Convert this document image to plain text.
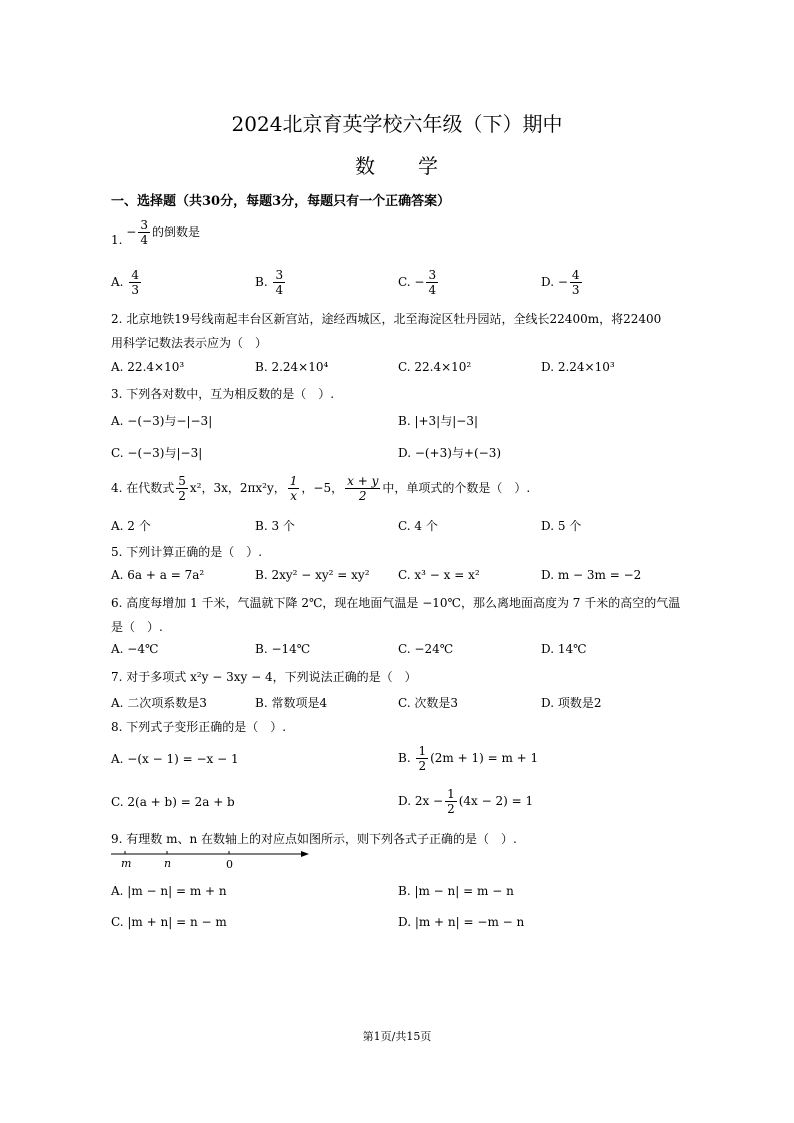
2024北京育英学校六年级（下）期中
数　　学
一、选择题（共30分，每题3分，每题只有一个正确答案）
1. − $\frac{3}{4}$ 的倒数是
A. $\frac{4}{3}$	B. $\frac{3}{4}$	C. − $\frac{3}{4}$	D. − $\frac{4}{3}$
2. 北京地铁19号线南起丰台区新宫站，途经西城区，北至海淀区牡丹园站，全线长22400m，将22400
用科学记数法表示应为（　）
A. 22.4×10³	B. 2.24×10⁴	C. 22.4×10²	D. 2.24×10³
3. 下列各对数中，互为相反数的是（　）.
A. −(−3)与−|−3|	B. |+3|与|−3|
C. −(−3)与|−3|	D. −(+3)与+(−3)
4. 在代数式 $\frac{5}{2} x^2$，3x，2πx²y， $\frac{1}{x}$ ，−5， $\frac{x + y}{2}$ 中，单项式的个数是（　）.
A. 2 个	B. 3 个	C. 4 个	D. 5 个
5. 下列计算正确的是（　）.
A. 6a + a = 7a²	B. 2xy² − xy² = xy² C. x³ − x = x²	D. m − 3m = −2
6. 高度每增加 1 千米，气温就下降 2℃，现在地面气温是 −10℃，那么离地面高度为 7 千米的高空的气温
是（　）.
A. −4℃	B. −14℃	C. −24℃	D. 14℃
7. 对于多项式 x²y − 3xy − 4，下列说法正确的是（　）
A. 二次项系数是3	B. 常数项是4	C. 次数是3	D. 项数是2
8. 下列式子变形正确的是（　）.
A. −(x − 1) = −x − 1	B. $\frac{1}{2} (2m + 1) = m + 1$
C. 2(a + b) = 2a + b	D. $2x - \frac{1}{2} (4x - 2) = 1$
9. 有理数 m、n 在数轴上的对应点如图所示，则下列各式子正确的是（　）.
m	n	0
A. |m − n| = m + n	B. |m − n| = m − n
C. |m + n| = n − m	D. |m + n| = −m − n
第1页/共15页
